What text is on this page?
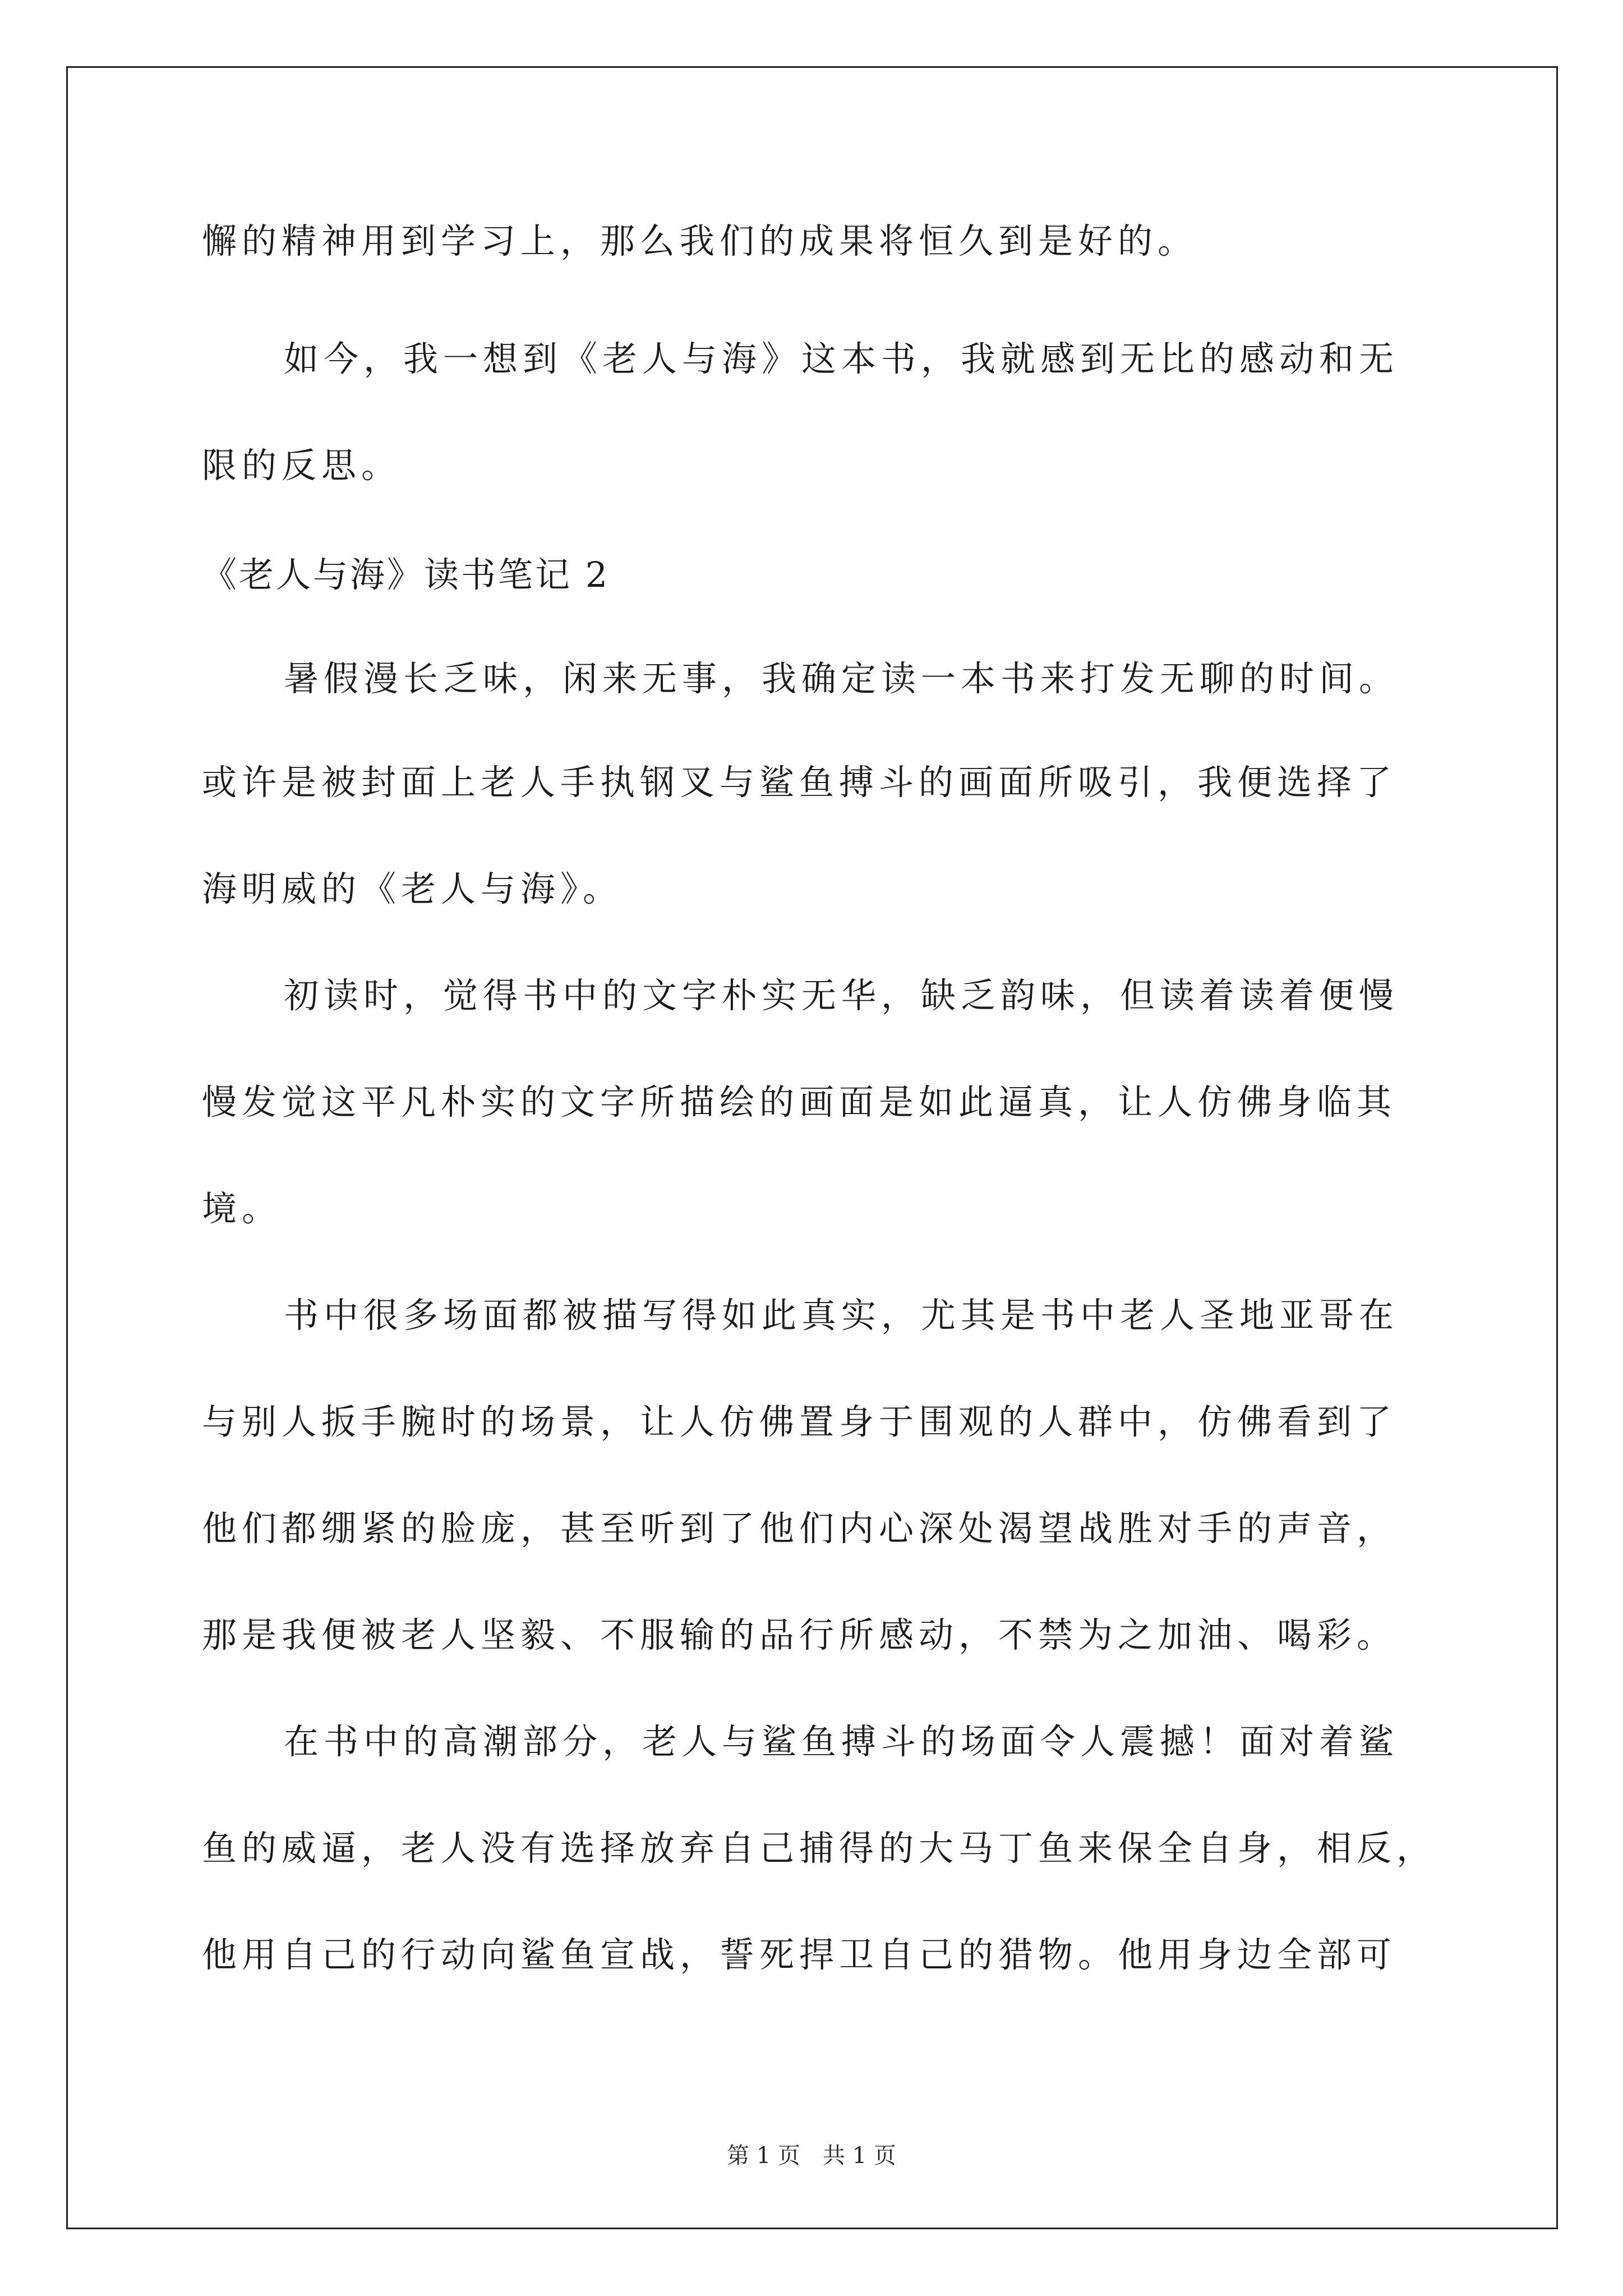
懈的精神用到学习上，那么我们的成果将恒久到是好的。
如今，我一想到《老人与海》这本书，我就感到无比的感动和无
限的反思。
《老人与海》读书笔记 2
暑假漫长乏味，闲来无事，我确定读一本书来打发无聊的时间。
或许是被封面上老人手执钢叉与鲨鱼搏斗的画面所吸引，我便选择了
海明威的《老人与海》。
初读时，觉得书中的文字朴实无华，缺乏韵味，但读着读着便慢
慢发觉这平凡朴实的文字所描绘的画面是如此逼真，让人仿佛身临其
境。
书中很多场面都被描写得如此真实，尤其是书中老人圣地亚哥在
与别人扳手腕时的场景，让人仿佛置身于围观的人群中，仿佛看到了
他们都绷紧的脸庞，甚至听到了他们内心深处渴望战胜对手的声音，
那是我便被老人坚毅、不服输的品行所感动，不禁为之加油、喝彩。
在书中的高潮部分，老人与鲨鱼搏斗的场面令人震撼！面对着鲨
鱼的威逼，老人没有选择放弃自己捕得的大马丁鱼来保全自身，相反，
他用自己的行动向鲨鱼宣战，誓死捍卫自己的猎物。他用身边全部可
第 1 页　共 1 页
